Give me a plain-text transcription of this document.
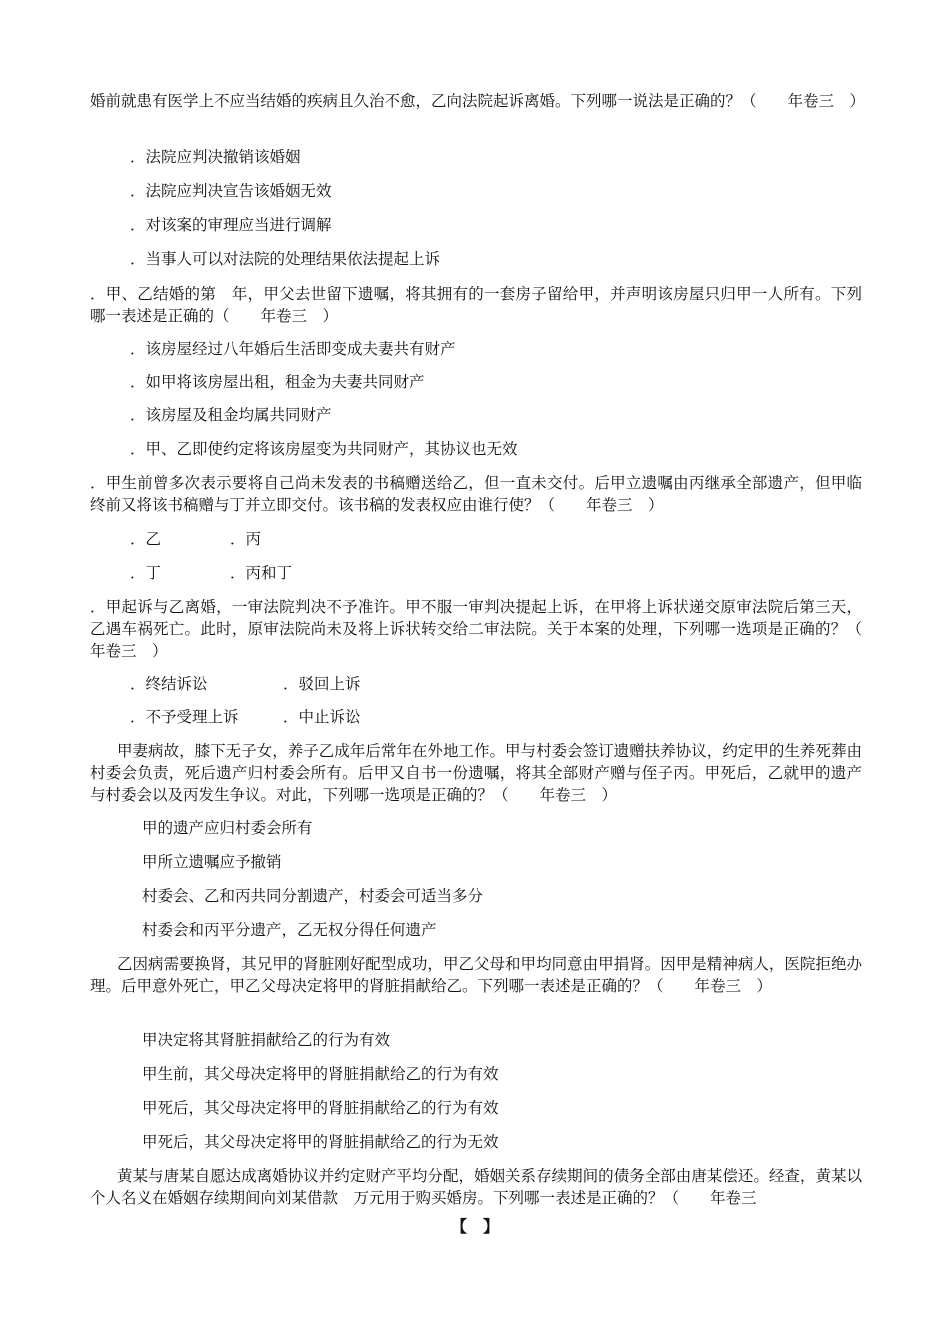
婚前就患有医学上不应当结婚的疾病且久治不愈，乙向法院起诉离婚。下列哪一说法是正确的？（　　年卷三　）
．法院应判决撤销该婚姻
．法院应判决宣告该婚姻无效
．对该案的审理应当进行调解
．当事人可以对法院的处理结果依法提起上诉
．甲、乙结婚的第　年，甲父去世留下遗嘱，将其拥有的一套房子留给甲，并声明该房屋只归甲一人所有。下列哪一表述是正确的（　　年卷三　）
．该房屋经过八年婚后生活即变成夫妻共有财产
．如甲将该房屋出租，租金为夫妻共同财产
．该房屋及租金均属共同财产
．甲、乙即使约定将该房屋变为共同财产，其协议也无效
．甲生前曾多次表示要将自己尚未发表的书稿赠送给乙，但一直未交付。后甲立遗嘱由丙继承全部遗产，但甲临终前又将该书稿赠与丁并立即交付。该书稿的发表权应由谁行使？（　　年卷三　）
．乙	．丙
．丁	．丙和丁
．甲起诉与乙离婚，一审法院判决不予准许。甲不服一审判决提起上诉，在甲将上诉状递交原审法院后第三天，乙遇车祸死亡。此时，原审法院尚未及将上诉状转交给二审法院。关于本案的处理，下列哪一选项是正确的？（　　年卷三　）
．终结诉讼	．驳回上诉
．不予受理上诉	．中止诉讼
甲妻病故，膝下无子女，养子乙成年后常年在外地工作。甲与村委会签订遗赠扶养协议，约定甲的生养死葬由村委会负责，死后遗产归村委会所有。后甲又自书一份遗嘱，将其全部财产赠与侄子丙。甲死后，乙就甲的遗产与村委会以及丙发生争议。对此，下列哪一选项是正确的？（　　年卷三　）
甲的遗产应归村委会所有
甲所立遗嘱应予撤销
村委会、乙和丙共同分割遗产，村委会可适当多分
村委会和丙平分遗产，乙无权分得任何遗产
乙因病需要换肾，其兄甲的肾脏刚好配型成功，甲乙父母和甲均同意由甲捐肾。因甲是精神病人，医院拒绝办理。后甲意外死亡，甲乙父母决定将甲的肾脏捐献给乙。下列哪一表述是正确的？（　　年卷三　）
甲决定将其肾脏捐献给乙的行为有效
甲生前，其父母决定将甲的肾脏捐献给乙的行为有效
甲死后，其父母决定将甲的肾脏捐献给乙的行为有效
甲死后，其父母决定将甲的肾脏捐献给乙的行为无效
黄某与唐某自愿达成离婚协议并约定财产平均分配，婚姻关系存续期间的债务全部由唐某偿还。经查，黄某以个人名义在婚姻存续期间向刘某借款　万元用于购买婚房。下列哪一表述是正确的？（　　年卷三
【　】
